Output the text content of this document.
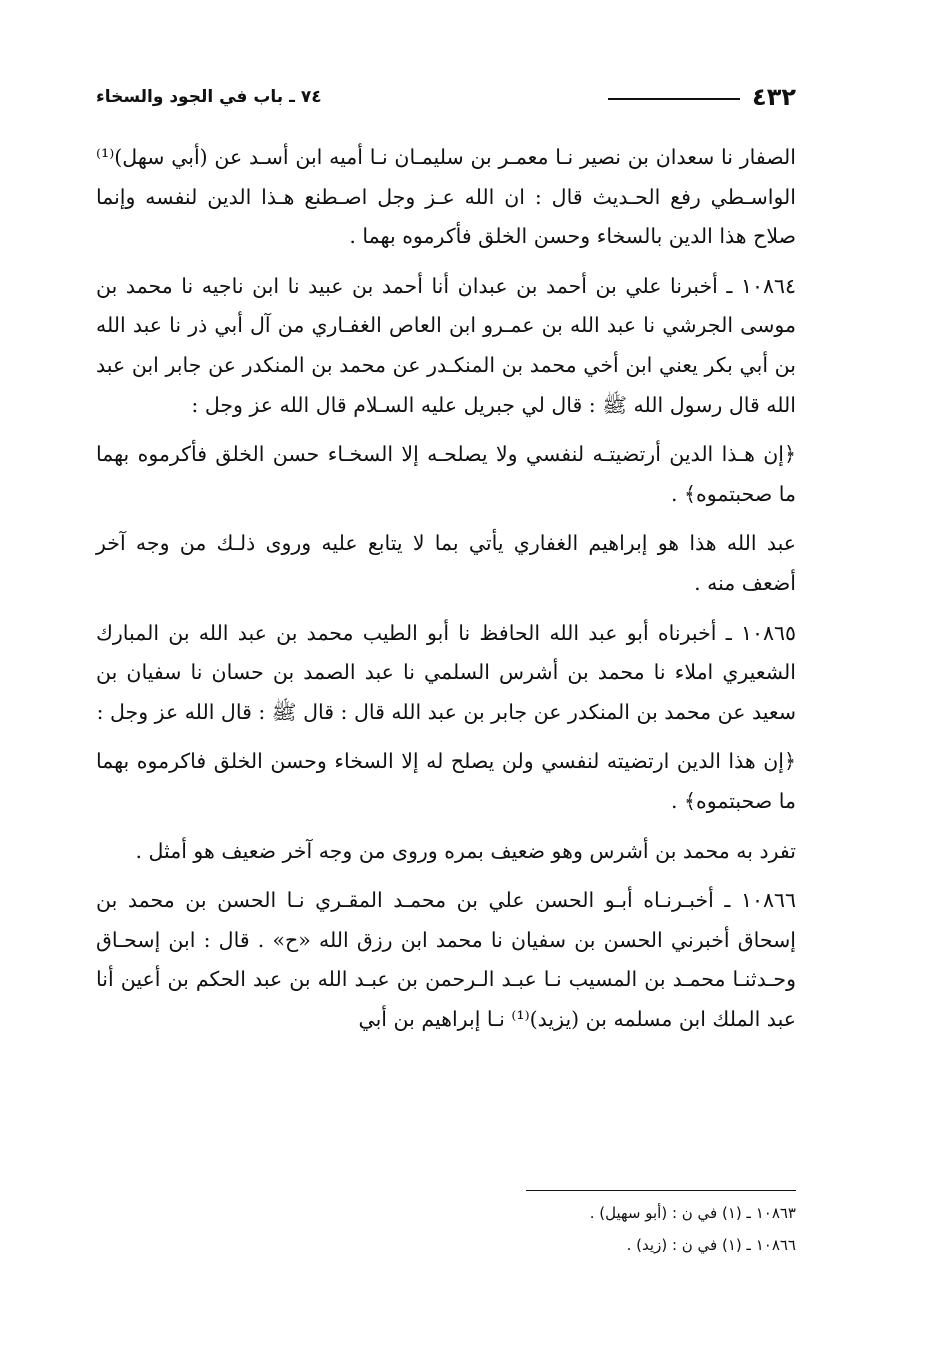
٤٣٢
٧٤ ـ باب في الجود والسخاء

الصفار نا سعدان بن نصير نـا معمـر بن سليمـان نـا أميه ابن أسـد عن (أبي سهل)⁽¹⁾ الواسـطي رفع الحـديث قال : ان الله عـز وجل اصـطنع هـذا الدين لنفسه وإنما صلاح هذا الدين بالسخاء وحسن الخلق فأكرموه بهما .

١٠٨٦٤ ـ أخبرنا علي بن أحمد بن عبدان أنا أحمد بن عبيد نا ابن ناجيه نا محمد بن موسى الجرشي نا عبد الله بن عمـرو ابن العاص الغفـاري من آل أبي ذر نا عبد الله بن أبي بكر يعني ابن أخي محمد بن المنكـدر عن محمد بن المنكدر عن جابر ابن عبد الله قال رسول الله ﷺ : قال لي جبريل عليه السـلام قال الله عز وجل :

﴿إن هـذا الدين أرتضيتـه لنفسي ولا يصلحـه إلا السخـاء حسن الخلق فأكرموه بهما ما صحبتموه﴾ .

عبد الله هذا هو إبراهيم الغفاري يأتي بما لا يتابع عليه وروى ذلـك من وجه آخر أضعف منه .

١٠٨٦٥ ـ أخبرناه أبو عبد الله الحافظ نا أبو الطيب محمد بن عبد الله بن المبارك الشعيري املاء نا محمد بن أشرس السلمي نا عبد الصمد بن حسان نا سفيان بن سعيد عن محمد بن المنكدر عن جابر بن عبد الله قال : قال ﷺ : قال الله عز وجل :

﴿إن هذا الدين ارتضيته لنفسي ولن يصلح له إلا السخاء وحسن الخلق فاكرموه بهما ما صحبتموه﴾ .

تفرد به محمد بن أشرس وهو ضعيف بمره وروى من وجه آخر ضعيف هو أمثل .

١٠٨٦٦ ـ أخبـرنـاه أبـو الحسن علي بن محمـد المقـري نـا الحسن بن محمد بن إسحاق أخبرني الحسن بن سفيان نا محمد ابن رزق الله «ح» . قال : ابن إسحـاق وحـدثنـا محمـد بن المسيب نـا عبـد الـرحمن بن عبـد الله بن عبد الحكم بن أعين أنا عبد الملك ابن مسلمه بن (يزيد)⁽¹⁾ نـا إبراهيم بن أبي

١٠٨٦٣ ـ (١) في ن : (أبو سهيل) .
١٠٨٦٦ ـ (١) في ن : (زيد) .
